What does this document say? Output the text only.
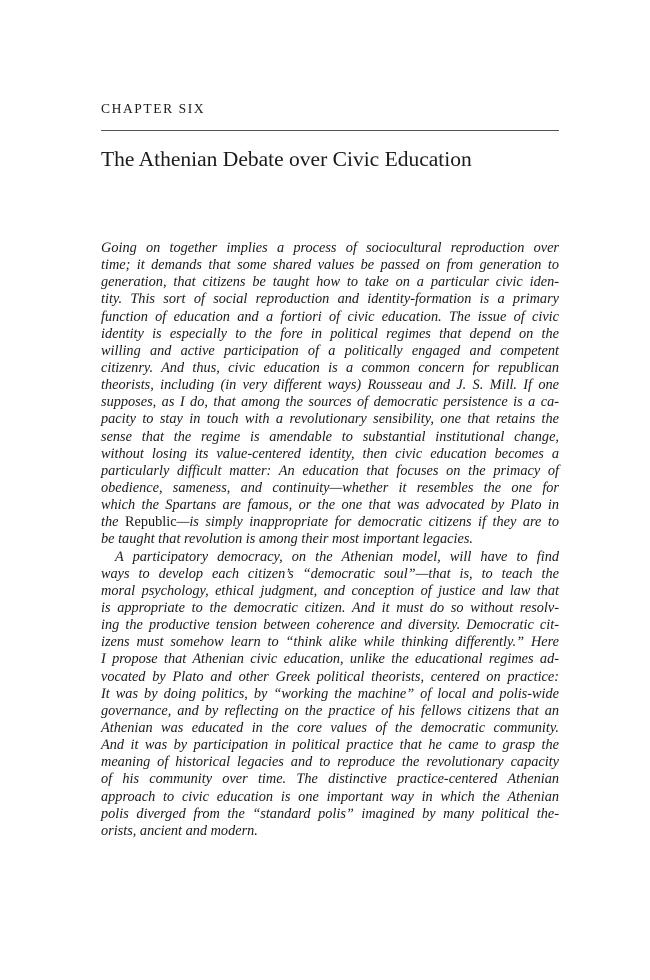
CHAPTER SIX
The Athenian Debate over Civic Education
Going on together implies a process of sociocultural reproduction over
time; it demands that some shared values be passed on from generation to
generation, that citizens be taught how to take on a particular civic iden-
tity. This sort of social reproduction and identity-formation is a primary
function of education and a fortiori of civic education. The issue of civic
identity is especially to the fore in political regimes that depend on the
willing and active participation of a politically engaged and competent
citizenry. And thus, civic education is a common concern for republican
theorists, including (in very different ways) Rousseau and J. S. Mill. If one
supposes, as I do, that among the sources of democratic persistence is a ca-
pacity to stay in touch with a revolutionary sensibility, one that retains the
sense that the regime is amendable to substantial institutional change,
without losing its value-centered identity, then civic education becomes a
particularly difficult matter: An education that focuses on the primacy of
obedience, sameness, and continuity—whether it resembles the one for
which the Spartans are famous, or the one that was advocated by Plato in
the Republic—is simply inappropriate for democratic citizens if they are to
be taught that revolution is among their most important legacies.
A participatory democracy, on the Athenian model, will have to find
ways to develop each citizen’s “democratic soul”—that is, to teach the
moral psychology, ethical judgment, and conception of justice and law that
is appropriate to the democratic citizen. And it must do so without resolv-
ing the productive tension between coherence and diversity. Democratic cit-
izens must somehow learn to “think alike while thinking differently.” Here
I propose that Athenian civic education, unlike the educational regimes ad-
vocated by Plato and other Greek political theorists, centered on practice:
It was by doing politics, by “working the machine” of local and polis-wide
governance, and by reflecting on the practice of his fellows citizens that an
Athenian was educated in the core values of the democratic community.
And it was by participation in political practice that he came to grasp the
meaning of historical legacies and to reproduce the revolutionary capacity
of his community over time. The distinctive practice-centered Athenian
approach to civic education is one important way in which the Athenian
polis diverged from the “standard polis” imagined by many political the-
orists, ancient and modern.
